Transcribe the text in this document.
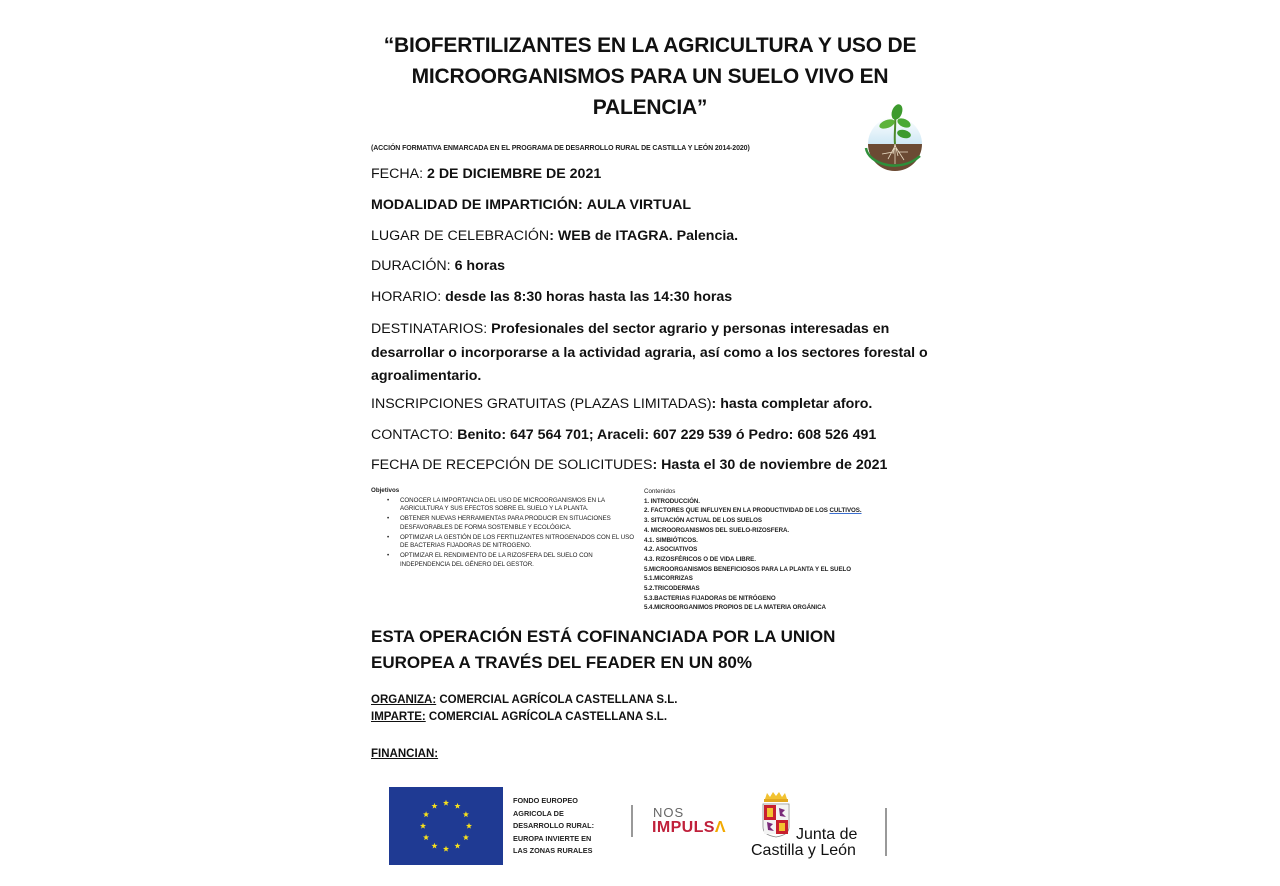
“BIOFERTILIZANTES EN LA AGRICULTURA Y USO DE MICROORGANISMOS PARA UN SUELO VIVO EN PALENCIA”
(ACCIÓN FORMATIVA ENMARCADA EN EL PROGRAMA DE DESARROLLO RURAL DE CASTILLA Y LEÓN 2014-2020)
FECHA: 2 DE DICIEMBRE DE 2021
MODALIDAD DE IMPARTICIÓN: AULA VIRTUAL
LUGAR DE CELEBRACIÓN: WEB de ITAGRA. Palencia.
DURACIÓN: 6 horas
HORARIO: desde las 8:30 horas hasta las 14:30 horas
DESTINATARIOS: Profesionales del sector agrario y personas interesadas en desarrollar o incorporarse a la actividad agraria, así como a los sectores forestal o agroalimentario.
INSCRIPCIONES GRATUITAS (PLAZAS LIMITADAS): hasta completar aforo.
CONTACTO: Benito: 647 564 701; Araceli: 607 229 539 ó Pedro: 608 526 491
FECHA DE RECEPCIÓN DE SOLICITUDES: Hasta el 30 de noviembre de 2021
Objetivos
• CONOCER LA IMPORTANCIA DEL USO DE MICROORGANISMOS EN LA AGRICULTURA Y SUS EFECTOS SOBRE EL SUELO Y LA PLANTA.
• OBTENER NUEVAS HERRAMIENTAS PARA PRODUCIR EN SITUACIONES DESFAVORABLES DE FORMA SOSTENIBLE Y ECOLÓGICA.
• OPTIMIZAR LA GESTIÓN DE LOS FERTILIZANTES NITROGENADOS CON EL USO DE BACTERIAS FIJADORAS DE NITROGENO.
• OPTIMIZAR EL RENDIMIENTO DE LA RIZOSFERA DEL SUELO CON INDEPENDENCIA DEL GÉNERO DEL GESTOR.
Contenidos
1. INTRODUCCIÓN.
2. FACTORES QUE INFLUYEN EN LA PRODUCTIVIDAD DE LOS CULTIVOS.
3. SITUACIÓN ACTUAL DE LOS SUELOS
4. MICROORGANISMOS DEL SUELO-RIZOSFERA.
4.1. SIMBIÓTICOS.
4.2. ASOCIATIVOS
4.3. RIZOSFÉRICOS O DE VIDA LIBRE.
5.MICROORGANISMOS BENEFICIOSOS PARA LA PLANTA Y EL SUELO
5.1.MICORRIZAS
5.2.TRICODERMAS
5.3.BACTERIAS FIJADORAS DE NITRÓGENO
5.4.MICROORGANIMOS PROPIOS DE LA MATERIA ORGÁNICA
ESTA OPERACIÓN ESTÁ COFINANCIADA POR LA UNION EUROPEA A TRAVÉS DEL FEADER EN UN 80%
ORGANIZA: COMERCIAL AGRÍCOLA CASTELLANA S.L.
IMPARTE: COMERCIAL AGRÍCOLA CASTELLANA S.L.
FINANCIAN:
FONDO EUROPEO
AGRICOLA DE
DESARROLLO RURAL:
EUROPA INVIERTE EN
LAS ZONAS RURALES
NOS
IMPULSΛ	Junta de
Castilla y León
